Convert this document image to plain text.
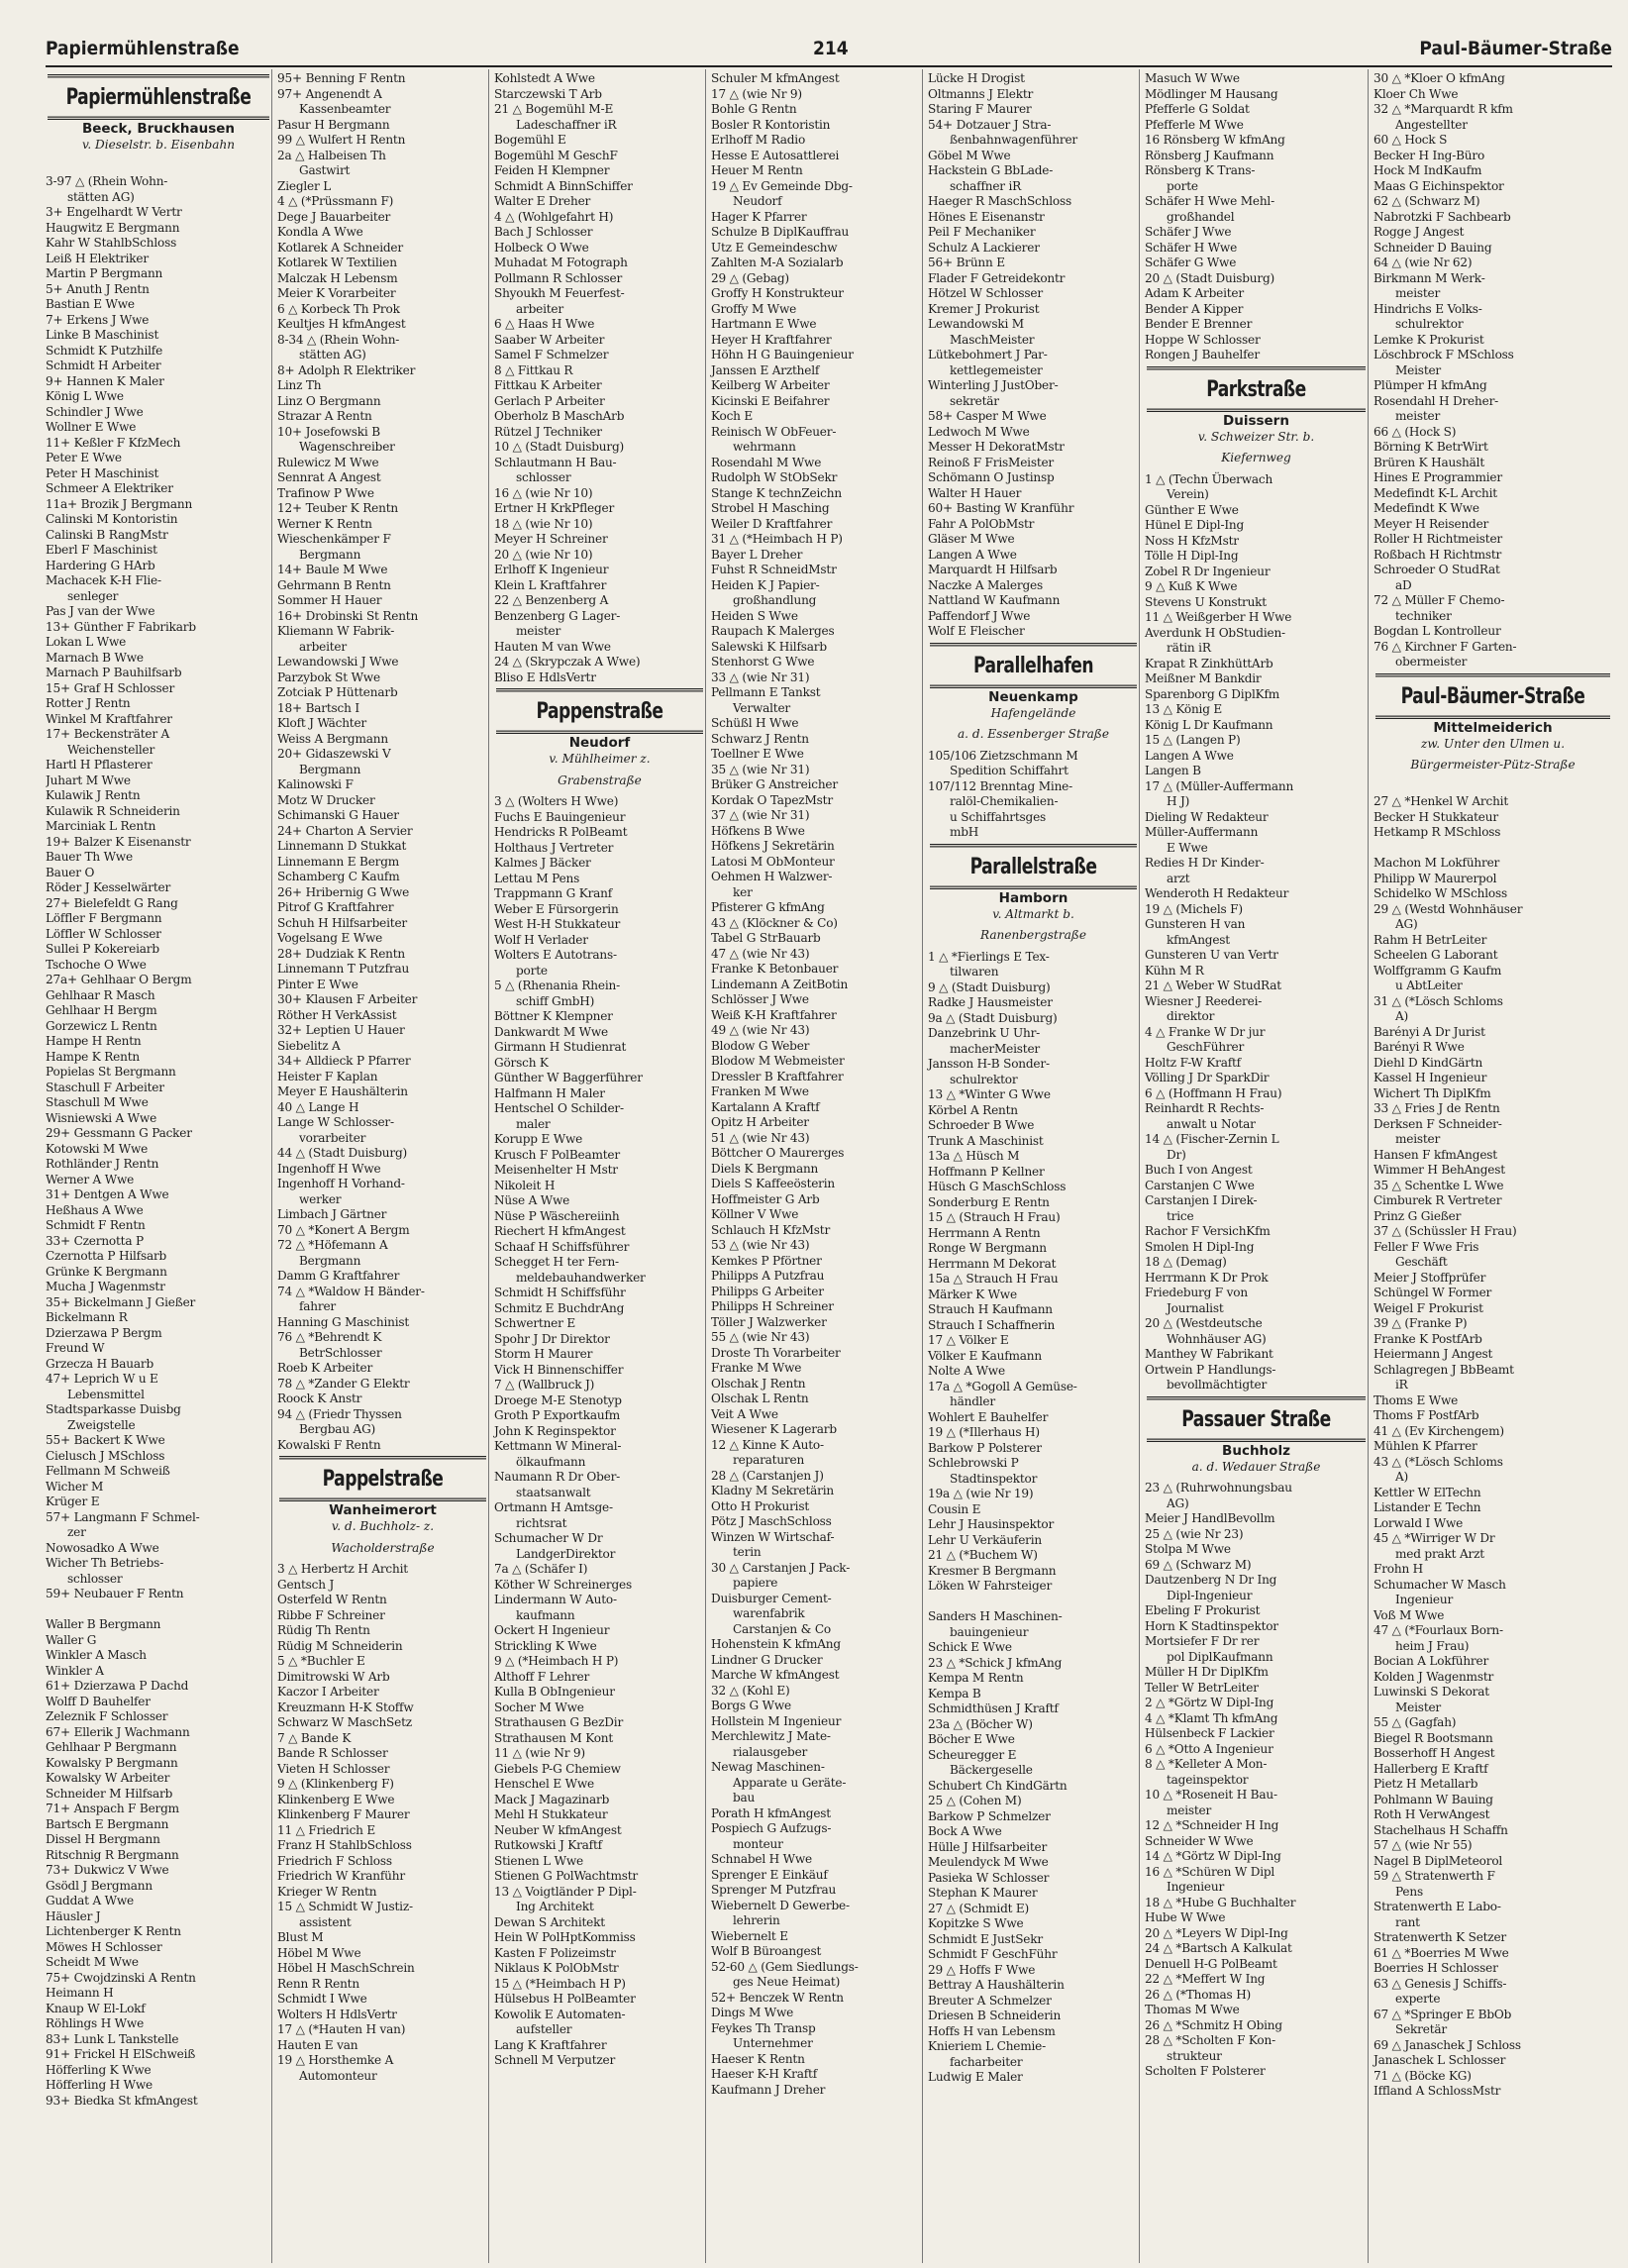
Papiermühlenstraße	214	Paul-Bäumer-Straße
Papiermühlenstraße
Beeck, Bruckhausen
v. Dieselstr. b. Eisenbahn

3-97 △ (Rhein Wohn-
stätten AG)
3+ Engelhardt W Vertr
Haugwitz E Bergmann
Kahr W StahlbSchloss
Leiß H Elektriker
Martin P Bergmann
5+ Anuth J Rentn
Bastian E Wwe
7+ Erkens J Wwe
Linke B Maschinist
Schmidt K Putzhilfe
Schmidt H Arbeiter
9+ Hannen K Maler
König L Wwe
Schindler J Wwe
Wollner E Wwe
11+ Keßler F KfzMech
Peter E Wwe
Peter H Maschinist
Schmeer A Elektriker
11a+ Brozik J Bergmann
Calinski M Kontoristin
Calinski B RangMstr
Eberl F Maschinist
Hardering G HArb
Machacek K-H Flie-
senleger
Pas J van der Wwe
13+ Günther F Fabrikarb
Lokan L Wwe
Marnach B Wwe
Marnach P Bauhilfsarb
15+ Graf H Schlosser
Rotter J Rentn
Winkel M Kraftfahrer
17+ Beckensträter A
Weichensteller
Hartl H Pflasterer
Juhart M Wwe
Kulawik J Rentn
Kulawik R Schneiderin
Marciniak L Rentn
19+ Balzer K Eisenanstr
Bauer Th Wwe
Bauer O
Röder J Kesselwärter
27+ Bielefeldt G Rang
Löffler F Bergmann
Löffler W Schlosser
Sullei P Kokereiarb
Tschoche O Wwe
27a+ Gehlhaar O Bergm
Gehlhaar R Masch
Gehlhaar H Bergm
Gorzewicz L Rentn
Hampe H Rentn
Hampe K Rentn
Popielas St Bergmann
Staschull F Arbeiter
Staschull M Wwe
Wisniewski A Wwe
29+ Gessmann G Packer
Kotowski M Wwe
Rothländer J Rentn
Werner A Wwe
31+ Dentgen A Wwe
Heßhaus A Wwe
Schmidt F Rentn
33+ Czernotta P
Czernotta P Hilfsarb
Grünke K Bergmann
Mucha J Wagenmstr
35+ Bickelmann J Gießer
Bickelmann R
Dzierzawa P Bergm
Freund W
Grzecza H Bauarb
47+ Leprich W u E
Lebensmittel
Stadtsparkasse Duisbg
Zweigstelle
55+ Backert K Wwe
Cielusch J MSchloss
Fellmann M Schweiß
Wicher M
Krüger E
57+ Langmann F Schmel-
zer
Nowosadko A Wwe
Wicher Th Betriebs-
schlosser
59+ Neubauer F Rentn

Waller B Bergmann
Waller G
Winkler A Masch
Winkler A
61+ Dzierzawa P Dachd
Wolff D Bauhelfer
Zeleznik F Schlosser
67+ Ellerik J Wachmann
Gehlhaar P Bergmann
Kowalsky P Bergmann
Kowalsky W Arbeiter
Schneider M Hilfsarb
71+ Anspach F Bergm
Bartsch E Bergmann
Dissel H Bergmann
Ritschnig R Bergmann
73+ Dukwicz V Wwe
Gsödl J Bergmann
Guddat A Wwe
Häusler J
Lichtenberger K Rentn
Möwes H Schlosser
Scheidt M Wwe
75+ Cwojdzinski A Rentn
Heimann H
Knaup W El-Lokf
Röhlings H Wwe
83+ Lunk L Tankstelle
91+ Frickel H ElSchweiß
Höfferling K Wwe
Höfferling H Wwe
93+ Biedka St kfmAngest
95+ Benning F Rentn
97+ Angenendt A
Kassenbeamter
Pasur H Bergmann
99 △ Wulfert H Rentn
2a △ Halbeisen Th
Gastwirt
Ziegler L
4 △ (*Prüssmann F)
Dege J Bauarbeiter
Kondla A Wwe
Kotlarek A Schneider
Kotlarek W Textilien
Malczak H Lebensm
Meier K Vorarbeiter
6 △ Korbeck Th Prok
Keultjes H kfmAngest
8-34 △ (Rhein Wohn-
stätten AG)
8+ Adolph R Elektriker
Linz Th
Linz O Bergmann
Strazar A Rentn
10+ Josefowski B
Wagenschreiber
Rulewicz M Wwe
Sennrat A Angest
Trafinow P Wwe
12+ Teuber K Rentn
Werner K Rentn
Wieschenkämper F
Bergmann
14+ Baule M Wwe
Gehrmann B Rentn
Sommer H Hauer
16+ Drobinski St Rentn
Kliemann W Fabrik-
arbeiter
Lewandowski J Wwe
Parzybok St Wwe
Zotciak P Hüttenarb
18+ Bartsch I
Kloft J Wächter
Weiss A Bergmann
20+ Gidaszewski V
Bergmann
Kalinowski F
Motz W Drucker
Schimanski G Hauer
24+ Charton A Servier
Linnemann D Stukkat
Linnemann E Bergm
Schamberg C Kaufm
26+ Hribernig G Wwe
Pitrof G Kraftfahrer
Schuh H Hilfsarbeiter
Vogelsang E Wwe
28+ Dudziak K Rentn
Linnemann T Putzfrau
Pinter E Wwe
30+ Klausen F Arbeiter
Röther H VerkAssist
32+ Leptien U Hauer
Siebelitz A
34+ Alldieck P Pfarrer
Heister F Kaplan
Meyer E Haushälterin
40 △ Lange H
Lange W Schlosser-
vorarbeiter
44 △ (Stadt Duisburg)
Ingenhoff H Wwe
Ingenhoff H Vorhand-
werker
Limbach J Gärtner
70 △ *Konert A Bergm
72 △ *Höfemann A
Bergmann
Damm G Kraftfahrer
74 △ *Waldow H Bänder-
fahrer
Hanning G Maschinist
76 △ *Behrendt K
BetrSchlosser
Roeb K Arbeiter
78 △ *Zander G Elektr
Roock K Anstr
94 △ (Friedr Thyssen
Bergbau AG)
Kowalski F Rentn
Pappelstraße
Wanheimerort
v. d. Buchholz- z.
Wacholderstraße
3 △ Herbertz H Archit
Gentsch J
Osterfeld W Rentn
Ribbe F Schreiner
Rüdig Th Rentn
Rüdig M Schneiderin
5 △ *Buchler E
Dimitrowski W Arb
Kaczor I Arbeiter
Kreuzmann H-K Stoffw
Schwarz W MaschSetz
7 △ Bande K
Bande R Schlosser
Vieten H Schlosser
9 △ (Klinkenberg F)
Klinkenberg E Wwe
Klinkenberg F Maurer
11 △ Friedrich E
Franz H StahlbSchloss
Friedrich F Schloss
Friedrich W Kranführ
Krieger W Rentn
15 △ Schmidt W Justiz-
assistent
Blust M
Höbel M Wwe
Höbel H MaschSchrein
Renn R Rentn
Schmidt I Wwe
Wolters H HdlsVertr
17 △ (*Hauten H van)
Hauten E van
19 △ Horsthemke A
Automonteur
Kohlstedt A Wwe
Starczewski T Arb
21 △ Bogemühl M-E
Ladeschaffner iR
Bogemühl E
Bogemühl M GeschF
Feiden H Klempner
Schmidt A BinnSchiffer
Walter E Dreher
4 △ (Wohlgefahrt H)
Bach J Schlosser
Holbeck O Wwe
Muhadat M Fotograph
Pollmann R Schlosser
Shyoukh M Feuerfest-
arbeiter
6 △ Haas H Wwe
Saaber W Arbeiter
Samel F Schmelzer
8 △ Fittkau R
Fittkau K Arbeiter
Gerlach P Arbeiter
Oberholz B MaschArb
Rützel J Techniker
10 △ (Stadt Duisburg)
Schlautmann H Bau-
schlosser
16 △ (wie Nr 10)
Ertner H KrkPfleger
18 △ (wie Nr 10)
Meyer H Schreiner
20 △ (wie Nr 10)
Erlhoff K Ingenieur
Klein L Kraftfahrer
22 △ Benzenberg A
Benzenberg G Lager-
meister
Hauten M van Wwe
24 △ (Skrypczak A Wwe)
Bliso E HdlsVertr
Pappenstraße
Neudorf
v. Mühlheimer z.
Grabenstraße
3 △ (Wolters H Wwe)
Fuchs E Bauingenieur
Hendricks R PolBeamt
Holthaus J Vertreter
Kalmes J Bäcker
Lettau M Pens
Trappmann G Kranf
Weber E Fürsorgerin
West H-H Stukkateur
Wolf H Verlader
Wolters E Autotrans-
porte
5 △ (Rhenania Rhein-
schiff GmbH)
Böttner K Klempner
Dankwardt M Wwe
Girmann H Studienrat
Görsch K
Günther W Baggerführer
Halfmann H Maler
Hentschel O Schilder-
maler
Korupp E Wwe
Krusch F PolBeamter
Meisenhelter H Mstr
Nikoleit H
Nüse A Wwe
Nüse P Wäschereiinh
Riechert H kfmAngest
Schaaf H Schiffsführer
Schegget H ter Fern-
meldebauhandwerker
Schmidt H Schiffsführ
Schmitz E BuchdrAng
Schwertner E
Spohr J Dr Direktor
Storm H Maurer
Vick H Binnenschiffer
7 △ (Wallbruck J)
Droege M-E Stenotyp
Groth P Exportkaufm
John K Reginspektor
Kettmann W Mineral-
ölkaufmann
Naumann R Dr Ober-
staatsanwalt
Ortmann H Amtsge-
richtsrat
Schumacher W Dr
LandgerDirektor
7a △ (Schäfer I)
Köther W Schreinerges
Lindermann W Auto-
kaufmann
Ockert H Ingenieur
Strickling K Wwe
9 △ (*Heimbach H P)
Althoff F Lehrer
Kulla B ObIngenieur
Socher M Wwe
Strathausen G BezDir
Strathausen M Kont
11 △ (wie Nr 9)
Giebels P-G Chemiew
Henschel E Wwe
Mack J Magazinarb
Mehl H Stukkateur
Neuber W kfmAngest
Rutkowski J Kraftf
Stienen L Wwe
Stienen G PolWachtmstr
13 △ Voigtländer P Dipl-
Ing Architekt
Dewan S Architekt
Hein W PolHptKommiss
Kasten F Polizeimstr
Niklaus K PolObMstr
15 △ (*Heimbach H P)
Hülsebus H PolBeamter
Kowolik E Automaten-
aufsteller
Lang K Kraftfahrer
Schnell M Verputzer
Schuler M kfmAngest
17 △ (wie Nr 9)
Bohle G Rentn
Bosler R Kontoristin
Erlhoff M Radio
Hesse E Autosattlerei
Heuer M Rentn
19 △ Ev Gemeinde Dbg-
Neudorf
Hager K Pfarrer
Schulze B DiplKauffrau
Utz E Gemeindeschw
Zahlten M-A Sozialarb
29 △ (Gebag)
Groffy H Konstrukteur
Groffy M Wwe
Hartmann E Wwe
Heyer H Kraftfahrer
Höhn H G Bauingenieur
Janssen E Arzthelf
Keilberg W Arbeiter
Kicinski E Beifahrer
Koch E
Reinisch W ObFeuer-
wehrmann
Rosendahl M Wwe
Rudolph W StObSekr
Stange K technZeichn
Strobel H Masching
Weiler D Kraftfahrer
31 △ (*Heimbach H P)
Bayer L Dreher
Fuhst R SchneidMstr
Heiden K J Papier-
großhandlung
Heiden S Wwe
Raupach K Malerges
Salewski K Hilfsarb
Stenhorst G Wwe
33 △ (wie Nr 31)
Pellmann E Tankst
Verwalter
Schüßl H Wwe
Schwarz J Rentn
Toellner E Wwe
35 △ (wie Nr 31)
Brüker G Anstreicher
Kordak O TapezMstr
37 △ (wie Nr 31)
Höfkens B Wwe
Höfkens J Sekretärin
Latosi M ObMonteur
Oehmen H Walzwer-
ker
Pfisterer G kfmAng
43 △ (Klöckner & Co)
Tabel G StrBauarb
47 △ (wie Nr 43)
Franke K Betonbauer
Lindemann A ZeitBotin
Schlösser J Wwe
Weiß K-H Kraftfahrer
49 △ (wie Nr 43)
Blodow G Weber
Blodow M Webmeister
Dressler B Kraftfahrer
Franken M Wwe
Kartalann A Kraftf
Opitz H Arbeiter
51 △ (wie Nr 43)
Böttcher O Maurerges
Diels K Bergmann
Diels S Kaffeeösterin
Hoffmeister G Arb
Köllner V Wwe
Schlauch H KfzMstr
53 △ (wie Nr 43)
Kemkes P Pförtner
Philipps A Putzfrau
Philipps G Arbeiter
Philipps H Schreiner
Töller J Walzwerker
55 △ (wie Nr 43)
Droste Th Vorarbeiter
Franke M Wwe
Olschak J Rentn
Olschak L Rentn
Veit A Wwe
Wiesener K Lagerarb
12 △ Kinne K Auto-
reparaturen
28 △ (Carstanjen J)
Kladny M Sekretärin
Otto H Prokurist
Pötz J MaschSchloss
Winzen W Wirtschaf-
terin
30 △ Carstanjen J Pack-
papiere
Duisburger Cement-
warenfabrik
Carstanjen & Co
Hohenstein K kfmAng
Lindner G Drucker
Marche W kfmAngest
32 △ (Kohl E)
Borgs G Wwe
Hollstein M Ingenieur
Merchlewitz J Mate-
rialausgeber
Newag Maschinen-
Apparate u Geräte-
bau
Porath H kfmAngest
Pospiech G Aufzugs-
monteur
Schnabel H Wwe
Sprenger E Einkäuf
Sprenger M Putzfrau
Wiebernelt D Gewerbe-
lehrerin
Wiebernelt E
Wolf B Büroangest
52-60 △ (Gem Siedlungs-
ges Neue Heimat)
52+ Benczek W Rentn
Dings M Wwe
Feykes Th Transp
Unternehmer
Haeser K Rentn
Haeser K-H Kraftf
Kaufmann J Dreher
Lücke H Drogist
Oltmanns J Elektr
Staring F Maurer
54+ Dotzauer J Stra-
ßenbahnwagenführer
Göbel M Wwe
Hackstein G BbLade-
schaffner iR
Haeger R MaschSchloss
Hönes E Eisenanstr
Peil F Mechaniker
Schulz A Lackierer
56+ Brünn E
Flader F Getreidekontr
Hötzel W Schlosser
Kremer J Prokurist
Lewandowski M
MaschMeister
Lütkebohmert J Par-
kettlegemeister
Winterling J JustOber-
sekretär
58+ Casper M Wwe
Ledwoch M Wwe
Messer H DekoratMstr
Reinoß F FrisMeister
Schömann O Justinsp
Walter H Hauer
60+ Basting W Kranführ
Fahr A PolObMstr
Gläser M Wwe
Langen A Wwe
Marquardt H Hilfsarb
Naczke A Malerges
Nattland W Kaufmann
Paffendorf J Wwe
Wolf E Fleischer
Parallelhafen
Neuenkamp
Hafengelände
a. d. Essenberger Straße
105/106 Zietzschmann M
Spedition Schiffahrt
107/112 Brenntag Mine-
ralöl-Chemikalien-
u Schiffahrtsges
mbH
Parallelstraße
Hamborn
v. Altmarkt b.
Ranenbergstraße
1 △ *Fierlings E Tex-
tilwaren
9 △ (Stadt Duisburg)
Radke J Hausmeister
9a △ (Stadt Duisburg)
Danzebrink U Uhr-
macherMeister
Jansson H-B Sonder-
schulrektor
13 △ *Winter G Wwe
Körbel A Rentn
Schroeder B Wwe
Trunk A Maschinist
13a △ Hüsch M
Hoffmann P Kellner
Hüsch G MaschSchloss
Sonderburg E Rentn
15 △ (Strauch H Frau)
Herrmann A Rentn
Ronge W Bergmann
Herrmann M Dekorat
15a △ Strauch H Frau
Märker K Wwe
Strauch H Kaufmann
Strauch I Schaffnerin
17 △ Völker E
Völker E Kaufmann
Nolte A Wwe
17a △ *Gogoll A Gemüse-
händler
Wohlert E Bauhelfer
19 △ (*Illerhaus H)
Barkow P Polsterer
Schlebrowski P
Stadtinspektor
19a △ (wie Nr 19)
Cousin E
Lehr J Hausinspektor
Lehr U Verkäuferin
21 △ (*Buchem W)
Kresmer B Bergmann
Löken W Fahrsteiger

Sanders H Maschinen-
bauingenieur
Schick E Wwe
23 △ *Schick J kfmAng
Kempa M Rentn
Kempa B
Schmidthüsen J Kraftf
23a △ (Böcher W)
Böcher E Wwe
Scheuregger E
Bäckergeselle
Schubert Ch KindGärtn
25 △ (Cohen M)
Barkow P Schmelzer
Bock A Wwe
Hülle J Hilfsarbeiter
Meulendyck M Wwe
Pasieka W Schlosser
Stephan K Maurer
27 △ (Schmidt E)
Kopitzke S Wwe
Schmidt E JustSekr
Schmidt F GeschFühr
29 △ Hoffs F Wwe
Bettray A Haushälterin
Breuter A Schmelzer
Driesen B Schneiderin
Hoffs H van Lebensm
Knieriem L Chemie-
facharbeiter
Ludwig E Maler
Masuch W Wwe
Mödlinger M Hausang
Pfefferle G Soldat
Pfefferle M Wwe
16 Rönsberg W kfmAng
Rönsberg J Kaufmann
Rönsberg K Trans-
porte
Schäfer H Wwe Mehl-
großhandel
Schäfer J Wwe
Schäfer H Wwe
Schäfer G Wwe
20 △ (Stadt Duisburg)
Adam K Arbeiter
Bender A Kipper
Bender E Brenner
Hoppe W Schlosser
Rongen J Bauhelfer
Parkstraße
Duissern
v. Schweizer Str. b.
Kiefernweg
1 △ (Techn Überwach
Verein)
Günther E Wwe
Hünel E Dipl-Ing
Noss H KfzMstr
Tölle H Dipl-Ing
Zobel R Dr Ingenieur
9 △ Kuß K Wwe
Stevens U Konstrukt
11 △ Weißgerber H Wwe
Averdunk H ObStudien-
rätin iR
Krapat R ZinkhüttArb
Meißner M Bankdir
Sparenborg G DiplKfm
13 △ König E
König L Dr Kaufmann
15 △ (Langen P)
Langen A Wwe
Langen B
17 △ (Müller-Auffermann
H J)
Dieling W Redakteur
Müller-Auffermann
E Wwe
Redies H Dr Kinder-
arzt
Wenderoth H Redakteur
19 △ (Michels F)
Gunsteren H van
kfmAngest
Gunsteren U van Vertr
Kühn M R
21 △ Weber W StudRat
Wiesner J Reederei-
direktor
4 △ Franke W Dr jur
GeschFührer
Holtz F-W Kraftf
Völling J Dr SparkDir
6 △ (Hoffmann H Frau)
Reinhardt R Rechts-
anwalt u Notar
14 △ (Fischer-Zernin L
Dr)
Buch I von Angest
Carstanjen C Wwe
Carstanjen I Direk-
trice
Rachor F VersichKfm
Smolen H Dipl-Ing
18 △ (Demag)
Herrmann K Dr Prok
Friedeburg F von
Journalist
20 △ (Westdeutsche
Wohnhäuser AG)
Manthey W Fabrikant
Ortwein P Handlungs-
bevollmächtigter
Passauer Straße
Buchholz
a. d. Wedauer Straße
23 △ (Ruhrwohnungsbau
AG)
Meier J HandlBevollm
25 △ (wie Nr 23)
Stolpa M Wwe
69 △ (Schwarz M)
Dautzenberg N Dr Ing
Dipl-Ingenieur
Ebeling F Prokurist
Horn K Stadtinspektor
Mortsiefer F Dr rer
pol DiplKaufmann
Müller H Dr DiplKfm
Teller W BetrLeiter
2 △ *Görtz W Dipl-Ing
4 △ *Klamt Th kfmAng
Hülsenbeck F Lackier
6 △ *Otto A Ingenieur
8 △ *Kelleter A Mon-
tageinspektor
10 △ *Roseneit H Bau-
meister
12 △ *Schneider H Ing
Schneider W Wwe
14 △ *Görtz W Dipl-Ing
16 △ *Schüren W Dipl
Ingenieur
18 △ *Hube G Buchhalter
Hube W Wwe
20 △ *Leyers W Dipl-Ing
24 △ *Bartsch A Kalkulat
Denuell H-G PolBeamt
22 △ *Meffert W Ing
26 △ (*Thomas H)
Thomas M Wwe
26 △ *Schmitz H Obing
28 △ *Scholten F Kon-
strukteur
Scholten F Polsterer
30 △ *Kloer O kfmAng
Kloer Ch Wwe
32 △ *Marquardt R kfm
Angestellter
60 △ Hock S
Becker H Ing-Büro
Hock M IndKaufm
Maas G Eichinspektor
62 △ (Schwarz M)
Nabrotzki F Sachbearb
Rogge J Angest
Schneider D Bauing
64 △ (wie Nr 62)
Birkmann M Werk-
meister
Hindrichs E Volks-
schulrektor
Lemke K Prokurist
Löschbrock F MSchloss
Meister
Plümper H kfmAng
Rosendahl H Dreher-
meister
66 △ (Hock S)
Börning K BetrWirt
Brüren K Haushält
Hines E Programmier
Medefindt K-L Archit
Medefindt K Wwe
Meyer H Reisender
Roller H Richtmeister
Roßbach H Richtmstr
Schroeder O StudRat
aD
72 △ Müller F Chemo-
techniker
Bogdan L Kontrolleur
76 △ Kirchner F Garten-
obermeister
Paul-Bäumer-Straße
Mittelmeiderich
zw. Unter den Ulmen u.
Bürgermeister-Pütz-Straße

27 △ *Henkel W Archit
Becker H Stukkateur
Hetkamp R MSchloss

Machon M Lokführer
Philipp W Maurerpol
Schidelko W MSchloss
29 △ (Westd Wohnhäuser
AG)
Rahm H BetrLeiter
Scheelen G Laborant
Wolffgramm G Kaufm
u AbtLeiter
31 △ (*Lösch Schloms
A)
Barényi A Dr Jurist
Barényi R Wwe
Diehl D KindGärtn
Kassel H Ingenieur
Wichert Th DiplKfm
33 △ Fries J de Rentn
Derksen F Schneider-
meister
Hansen F kfmAngest
Wimmer H BehAngest
35 △ Schentke L Wwe
Cimburek R Vertreter
Prinz G Gießer
37 △ (Schüssler H Frau)
Feller F Wwe Fris
Geschäft
Meier J Stoffprüfer
Schüngel W Former
Weigel F Prokurist
39 △ (Franke P)
Franke K PostfArb
Heiermann J Angest
Schlagregen J BbBeamt
iR
Thoms E Wwe
Thoms F PostfArb
41 △ (Ev Kirchengem)
Mühlen K Pfarrer
43 △ (*Lösch Schloms
A)
Kettler W ElTechn
Listander E Techn
Lorwald I Wwe
45 △ *Wirriger W Dr
med prakt Arzt
Frohn H
Schumacher W Masch
Ingenieur
Voß M Wwe
47 △ (*Fourlaux Born-
heim J Frau)
Bocian A Lokführer
Kolden J Wagenmstr
Luwinski S Dekorat
Meister
55 △ (Gagfah)
Biegel R Bootsmann
Bosserhoff H Angest
Hallerberg E Kraftf
Pietz H Metallarb
Pohlmann W Bauing
Roth H VerwAngest
Stachelhaus H Schaffn
57 △ (wie Nr 55)
Nagel B DiplMeteorol
59 △ Stratenwerth F
Pens
Stratenwerth E Labo-
rant
Stratenwerth K Setzer
61 △ *Boerries M Wwe
Boerries H Schlosser
63 △ Genesis J Schiffs-
experte
67 △ *Springer E BbOb
Sekretär
69 △ Janaschek J Schloss
Janaschek L Schlosser
71 △ (Böcke KG)
Iffland A SchlossMstr
